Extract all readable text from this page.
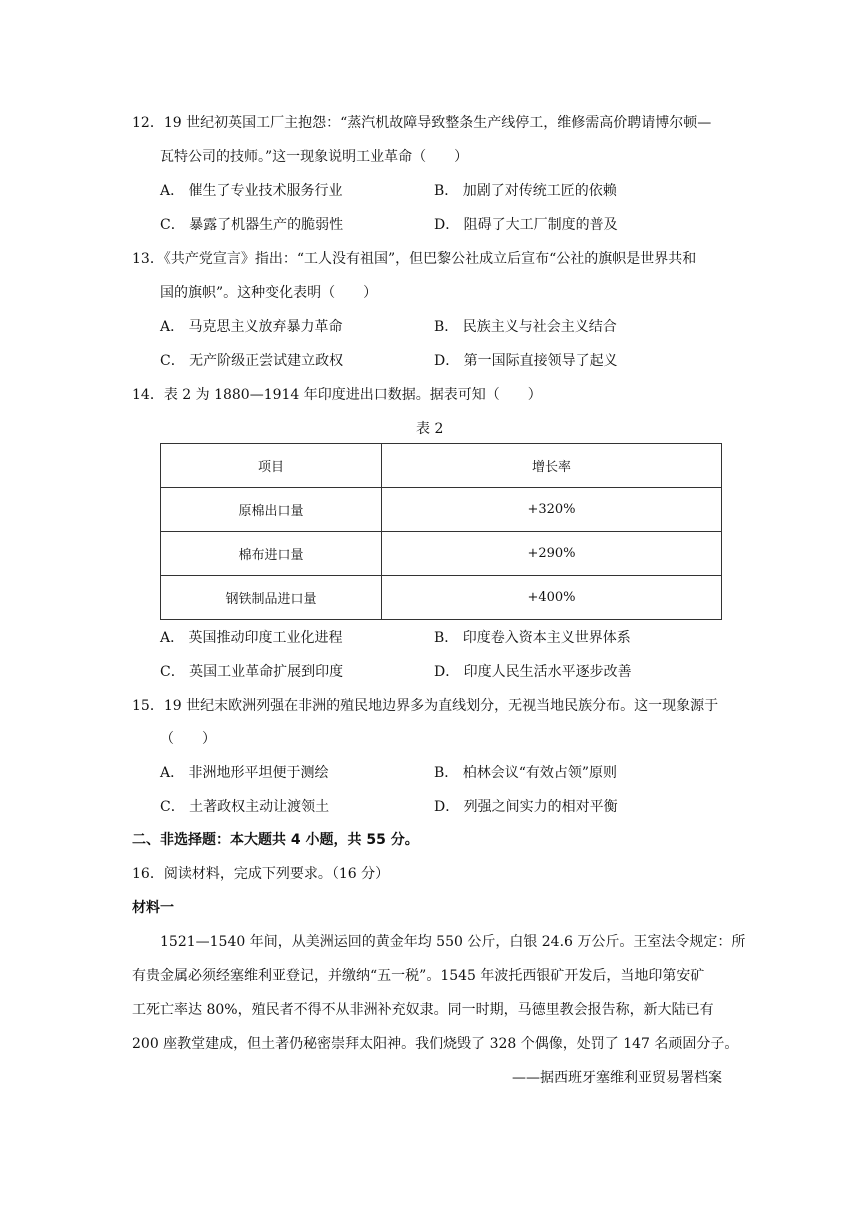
12．19 世纪初英国工厂主抱怨：“蒸汽机故障导致整条生产线停工，维修需高价聘请博尔顿—
瓦特公司的技师。”这一现象说明工业革命（　　）
A． 催生了专业技术服务行业	B． 加剧了对传统工匠的依赖
C． 暴露了机器生产的脆弱性	D． 阻碍了大工厂制度的普及
13．《共产党宣言》指出：“工人没有祖国”，但巴黎公社成立后宣布“公社的旗帜是世界共和
国的旗帜”。这种变化表明（　　）
A． 马克思主义放弃暴力革命	B． 民族主义与社会主义结合
C． 无产阶级正尝试建立政权	D． 第一国际直接领导了起义
14．表 2 为 1880—1914 年印度进出口数据。据表可知（　　）
表 2
项目	增长率
原棉出口量	+320%
棉布进口量	+290%
钢铁制品进口量	+400%
A． 英国推动印度工业化进程	B． 印度卷入资本主义世界体系
C． 英国工业革命扩展到印度	D． 印度人民生活水平逐步改善
15．19 世纪末欧洲列强在非洲的殖民地边界多为直线划分，无视当地民族分布。这一现象源于
（　　）
A． 非洲地形平坦便于测绘	B． 柏林会议“有效占领”原则
C． 土著政权主动让渡领土	D． 列强之间实力的相对平衡
二、非选择题：本大题共 4 小题，共 55 分。
16．阅读材料，完成下列要求。（16 分）
材料一
1521—1540 年间，从美洲运回的黄金年均 550 公斤，白银 24.6 万公斤。王室法令规定：所
有贵金属必须经塞维利亚登记，并缴纳“五一税”。1545 年波托西银矿开发后，当地印第安矿
工死亡率达 80%，殖民者不得不从非洲补充奴隶。同一时期，马德里教会报告称，新大陆已有
200 座教堂建成，但土著仍秘密崇拜太阳神。我们烧毁了 328 个偶像，处罚了 147 名顽固分子。
——据西班牙塞维利亚贸易署档案
